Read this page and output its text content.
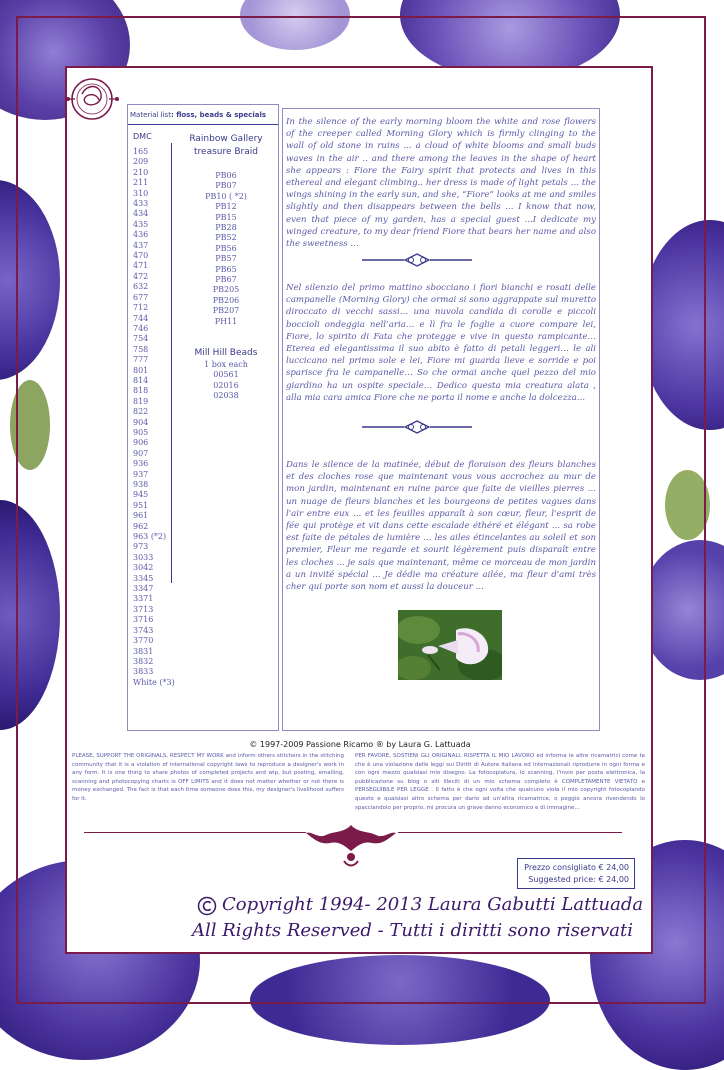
Material list: floss, beads & specials
DMC
165
209
210
211
310
433
434
435
436
437
470
471
472
632
677
712
744
746
754
758
777
801
814
818
819
822
904
905
906
907
936
937
938
945
951
961
962
963 (*2)
973
3033
3042
3345
3347
3371
3713
3716
3743
3770
3831
3832
3833
White (*3)
Rainbow Gallery
treasure Braid
PB06
PB07
PB10 ( *2)
PB12
PB15
PB28
PB52
PB56
PB57
PB65
PB67
PB205
PB206
PB207
PH11
Mill Hill Beads
1 box each
00561
02016
02038

In the silence of the early morning bloom the white and rose flowers of the creeper called Morning Glory which is firmly clinging to the wall of old stone in ruins ... a cloud of white blooms and small buds waves in the air .. and there among the leaves in the shape of heart she appears : Fiore the Fairy spirit that protects and lives in this ethereal and elegant climbing.. her dress is made of light petals ... the wings shining in the early sun, and she, “Fiore” looks at me and smiles slightly and then disappears between the bells ... I know that now, even that piece of my garden, has a special guest ...I dedicate my winged creature, to my dear friend Fiore that bears her name and also the sweetness …

Nel silenzio del primo mattino sbocciano i fiori bianchi e rosati delle campanelle (Morning Glory) che ormai si sono aggrappate sul muretto diroccato di vecchi sassi… una nuvola candida di corolle e piccoli boccioli ondeggia nell’aria… e lì fra le foglie a cuore compare lei, Fiore, lo spirito di Fata che protegge e vive in questo rampicante… Eterea ed elegantissima il suo abito è fatto di petali leggeri… le ali luccicano nel primo sole e lei, Fiore mi guarda lieve e sorride e poi sparisce fra le campanelle… So che ormai anche quel pezzo del mio giardino ha un ospite speciale… Dedico questa mia creatura alata , alla mia cara amica Fiore che ne porta il nome e anche la dolcezza...

Dans le silence de la matinée, début de floraison des fleurs blanches et des cloches rose que maintenant vous vous accrochez au mur de mon jardin, maintenant en ruine parce que faite de vieilles pierres ... un nuage de fleurs blanches et les bourgeons de petites vagues dans l'air entre eux ... et les feuilles apparaît à son cœur, fleur, l'esprit de fée qui protège et vit dans cette escalade éthéré et élégant ... sa robe est faite de pétales de lumière ... les ailes étincelantes au soleil et son premier, Fleur me regarde et sourit légèrement puis disparaît entre les cloches ... je sais que maintenant, même ce morceau de mon jardin a un invité spécial ... Je dédie ma créature ailée, ma fleur d'ami très cher qui porte son nom et aussi la douceur ...

© 1997-2009 Passione Ricamo ® by Laura G. Lattuada

PLEASE, SUPPORT THE ORIGINALS, RESPECT MY WORK and inform others stitchers in the stitching community that it is a violation of international copyright laws to reproduce a designer's work in any form. It is one thing to share photos of completed projects and wip, but posting, emailing, scanning and photocopying charts is OFF LIMITS and it does not matter whether or not there is money exchanged. The fact is that each time someone does this, my designer's livelihood suffers for it.

PER FAVORE, SOSTIENI GLI ORIGINALI, RISPETTA IL MIO LAVORO ed informa le altre ricamatrici come te che è una violazione delle leggi sui Diritti di Autore italiana ed internazionali riprodurre in ogni forma e con ogni mezzo qualsiasi mio disegno. La fotocopiatura, lo scanning, l'invio per posta elettronica, la pubblicazione su blog o siti illeciti di un mio schema completo è COMPLETAMENTE VIETATO e PERSEGUIBILE PER LEGGE . Il fatto è che ogni volta che qualcuno viola il mio copyright fotocopiando questo e qualsiasi altro schema per darlo ad un'altra ricamatrice, o peggio ancora rivendendo lo spacciandolo per proprio, mi procura un grave danno economico e di immagine...

Prezzo consigliato € 24,00
Suggested price: € 24,00

Copyright 1994- 2013 Laura Gabutti Lattuada

All Rights Reserved - Tutti i diritti sono riservati
